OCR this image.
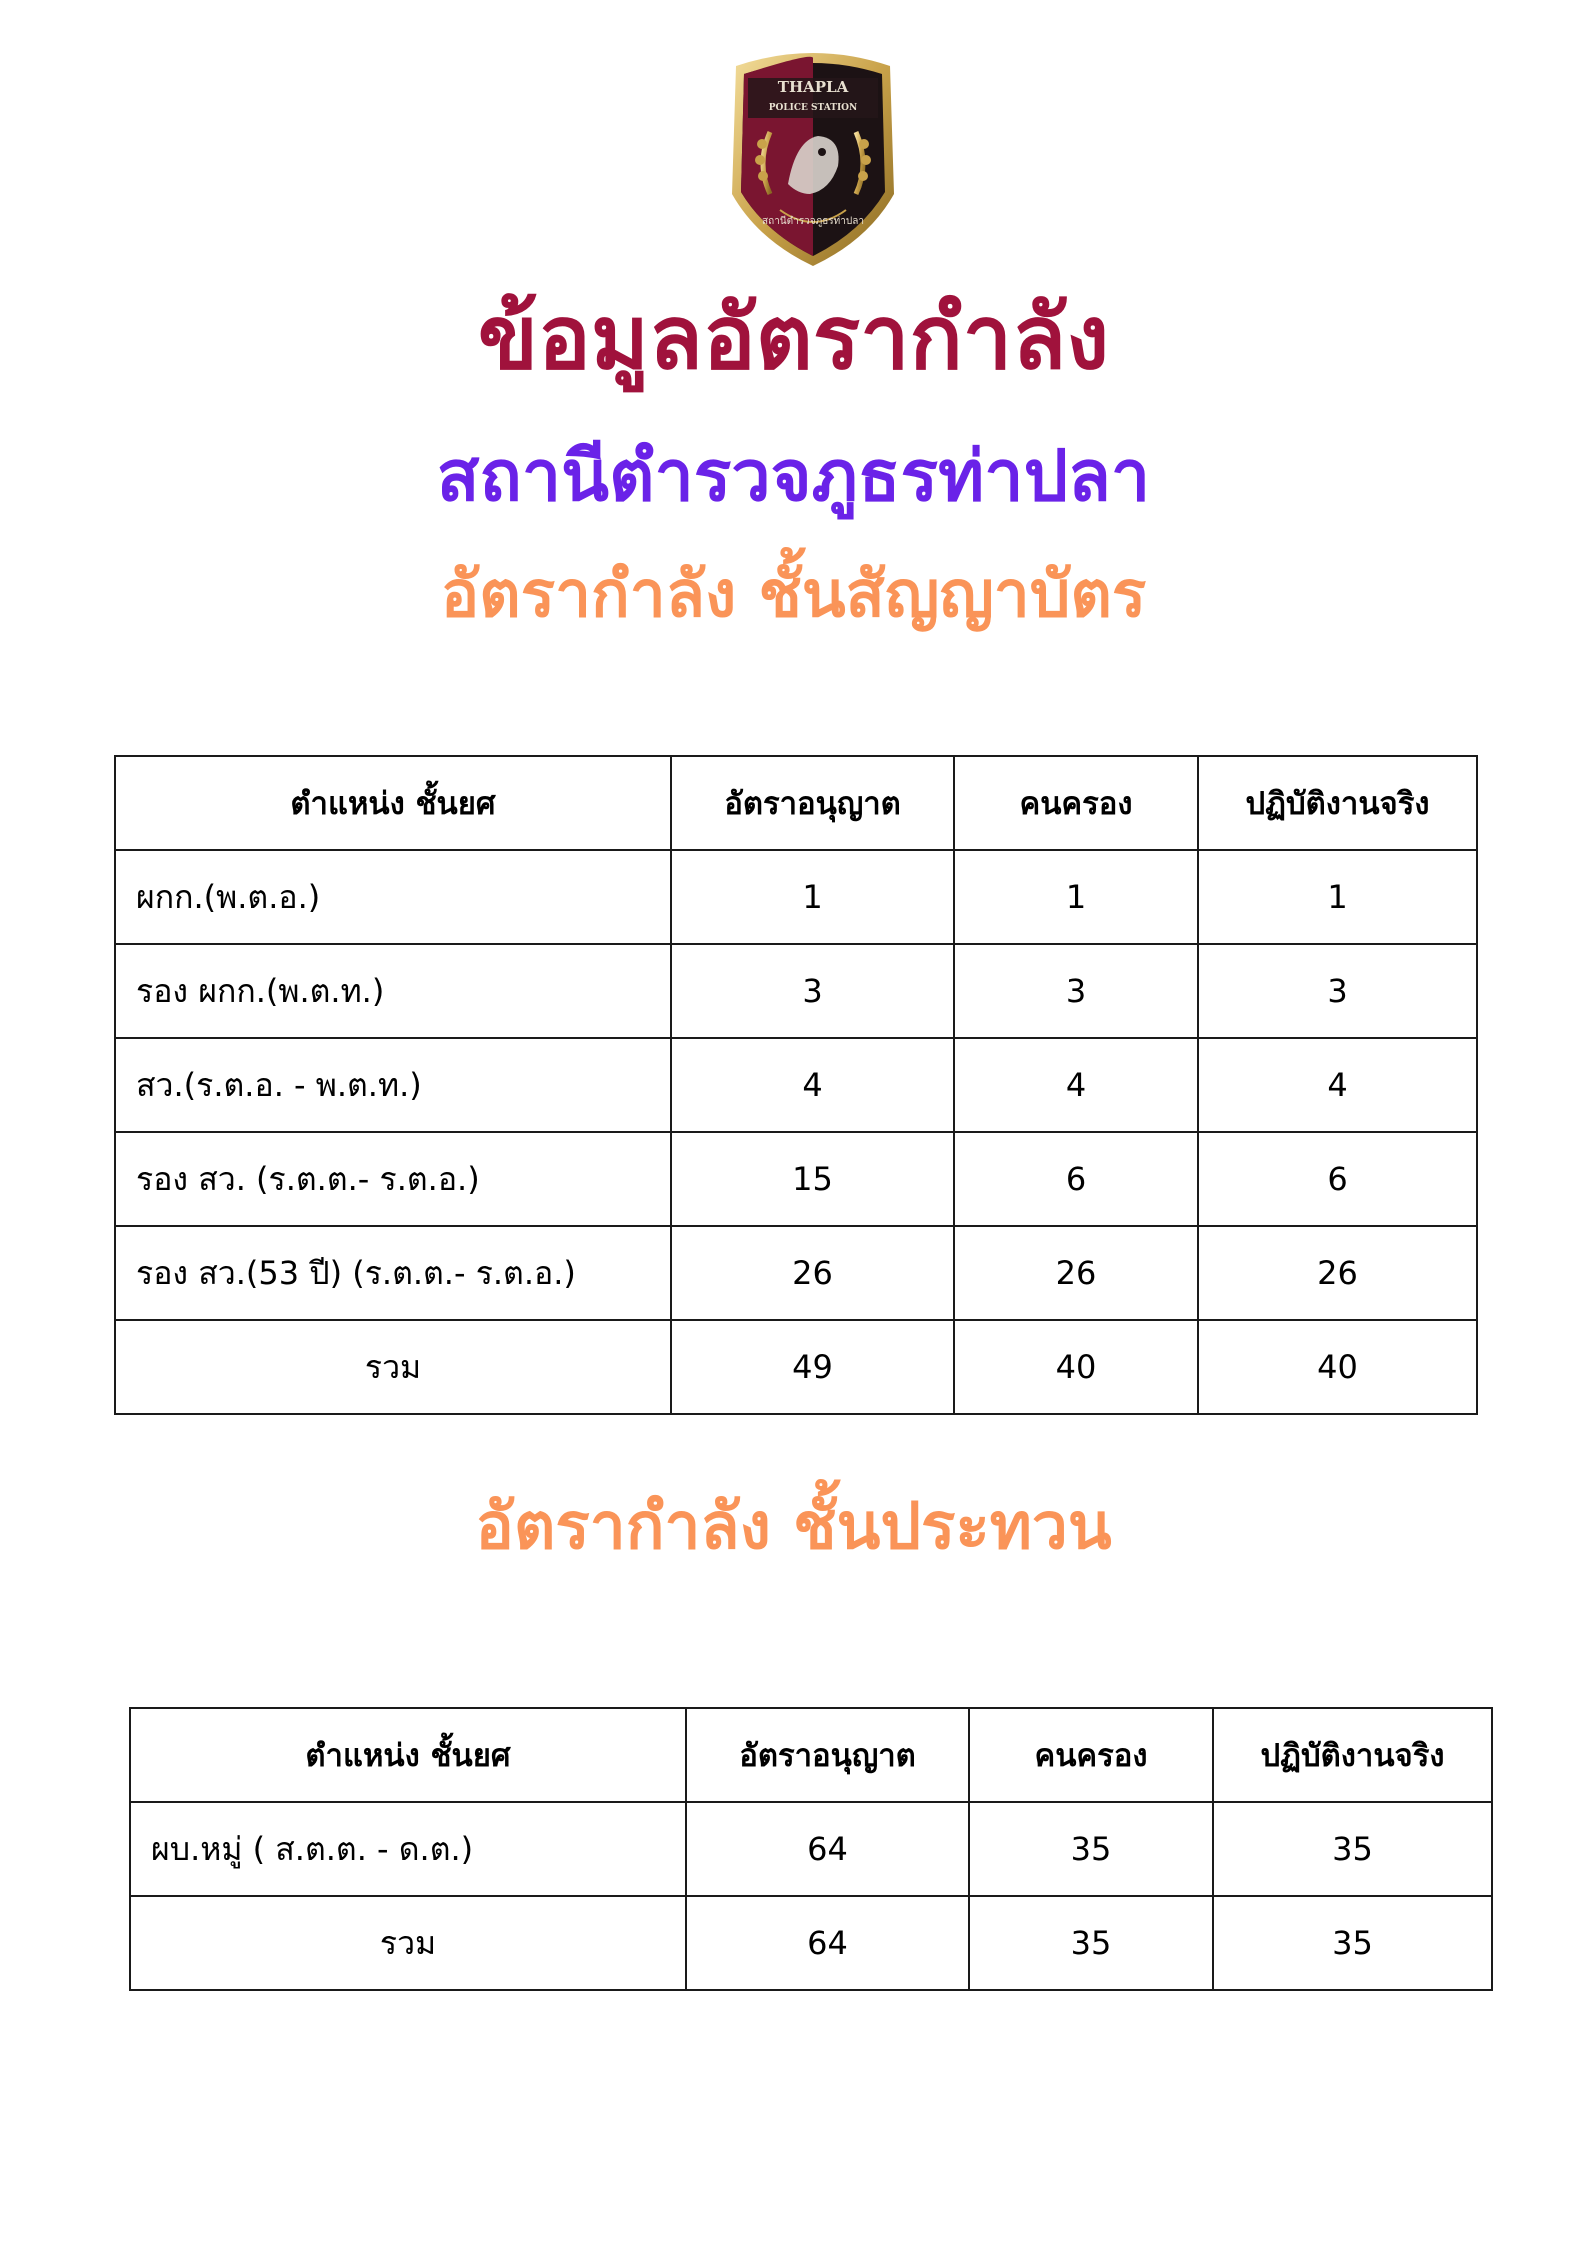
THAPLA
POLICE STATION
สถานีตำรวจภูธรท่าปลา
ข้อมูลอัตรากำลัง
สถานีตำรวจภูธรท่าปลา
อัตรากำลัง ชั้นสัญญาบัตร
ตำแหน่ง ชั้นยศ	อัตราอนุญาต	คนครอง	ปฏิบัติงานจริง
ผกก.(พ.ต.อ.)	1	1	1
รอง ผกก.(พ.ต.ท.)	3	3	3
สว.(ร.ต.อ. - พ.ต.ท.)	4	4	4
รอง สว. (ร.ต.ต.- ร.ต.อ.)	15	6	6
รอง สว.(53 ปี) (ร.ต.ต.- ร.ต.อ.)	26	26	26
รวม	49	40	40
อัตรากำลัง ชั้นประทวน
ตำแหน่ง ชั้นยศ	อัตราอนุญาต	คนครอง	ปฏิบัติงานจริง
ผบ.หมู่ ( ส.ต.ต. - ด.ต.)	64	35	35
รวม	64	35	35
